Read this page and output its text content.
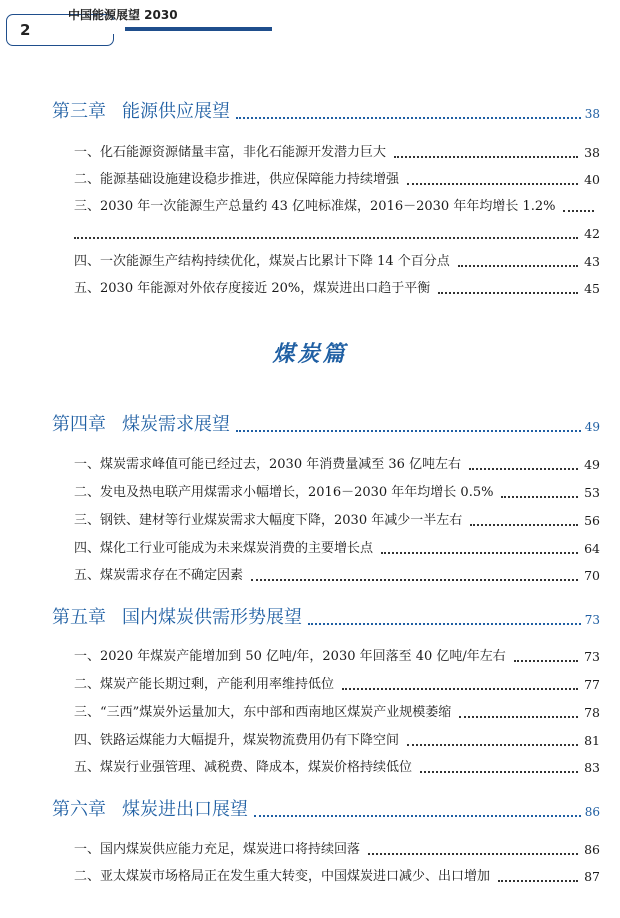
2
中国能源展望 2030
第三章 能源供应展望	38
一、化石能源资源储量丰富，非化石能源开发潜力巨大	38
二、能源基础设施建设稳步推进，供应保障能力持续增强	40
三、2030 年一次能源生产总量约 43 亿吨标准煤，2016－2030 年年均增长 1.2%
42
四、一次能源生产结构持续优化，煤炭占比累计下降 14 个百分点	43
五、2030 年能源对外依存度接近 20%，煤炭进出口趋于平衡	45
煤炭篇
第四章 煤炭需求展望	49
一、煤炭需求峰值可能已经过去，2030 年消费量减至 36 亿吨左右	49
二、发电及热电联产用煤需求小幅增长，2016－2030 年年均增长 0.5%	53
三、钢铁、建材等行业煤炭需求大幅度下降，2030 年减少一半左右	56
四、煤化工行业可能成为未来煤炭消费的主要增长点	64
五、煤炭需求存在不确定因素	70
第五章 国内煤炭供需形势展望	73
一、2020 年煤炭产能增加到 50 亿吨/年，2030 年回落至 40 亿吨/年左右	73
二、煤炭产能长期过剩，产能利用率维持低位	77
三、“三西”煤炭外运量加大，东中部和西南地区煤炭产业规模萎缩	78
四、铁路运煤能力大幅提升，煤炭物流费用仍有下降空间	81
五、煤炭行业强管理、减税费、降成本，煤炭价格持续低位	83
第六章 煤炭进出口展望	86
一、国内煤炭供应能力充足，煤炭进口将持续回落	86
二、亚太煤炭市场格局正在发生重大转变，中国煤炭进口减少、出口增加	87
